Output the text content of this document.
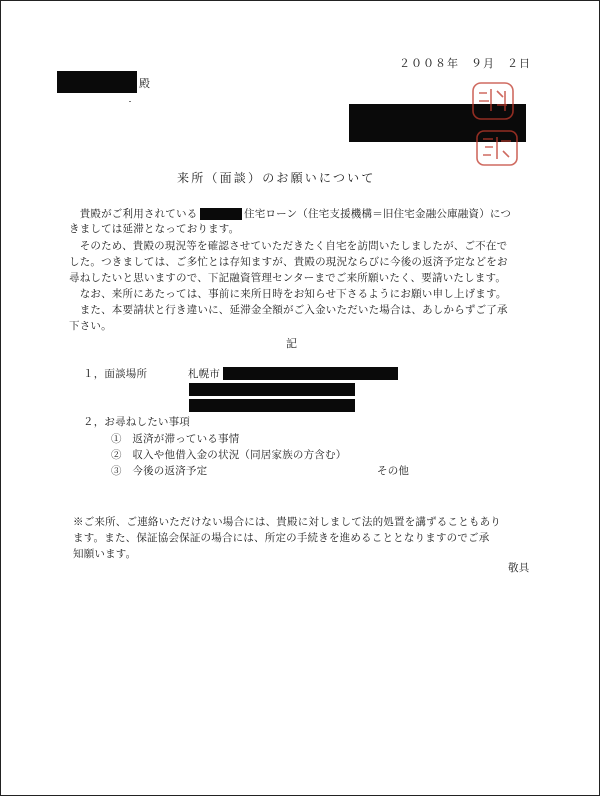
２００８年　９月　２日
殿
来所（面談）のお願いについて
　貴殿がご利用されている	住宅ローン（住宅支援機構＝旧住宅金融公庫融資）につ
きましては延滞となっております。
　そのため、貴殿の現況等を確認させていただきたく自宅を訪問いたしましたが、ご不在で
した。つきましては、ご多忙とは存知ますが、貴殿の現況ならびに今後の返済予定などをお
尋ねしたいと思いますので、下記融資管理センターまでご来所願いたく、要請いたします。
　なお、来所にあたっては、事前に来所日時をお知らせ下さるようにお願い申し上げます。
　また、本要請状と行き違いに、延滞金全額がご入金いただいた場合は、あしからずご了承
下さい。
記
１，面談場所	札幌市
２，お尋ねしたい事項
①　返済が滞っている事情
②　収入や他借入金の状況（同居家族の方含む）
③　今後の返済予定	その他
※ご来所、ご連絡いただけない場合には、貴殿に対しまして法的処置を講ずることもあり
ます。また、保証協会保証の場合には、所定の手続きを進めることとなりますのでご承
知願います。
敬具
